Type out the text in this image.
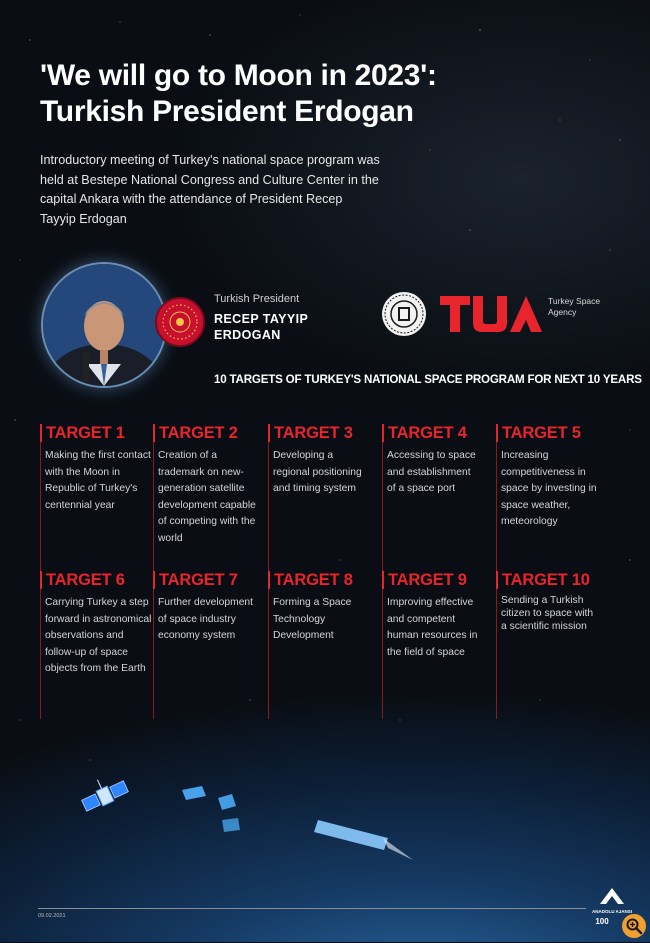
'We will go to Moon in 2023':
Turkish President Erdogan
Introductory meeting of Turkey's national space program was held at Bestepe National Congress and Culture Center in the capital Ankara with the attendance of President Recep Tayyip Erdogan
Turkish President
RECEP TAYYIP
ERDOGAN
Turkey Space
Agency
10 TARGETS OF TURKEY'S NATIONAL SPACE PROGRAM FOR NEXT 10 YEARS
TARGET 1
Making the first contact with the Moon in Republic of Turkey's centennial year
TARGET 2
Creation of a trademark on new-generation satellite development capable of competing with the world
TARGET 3
Developing a regional positioning and timing system
TARGET 4
Accessing to space and establishment of a space port
TARGET 5
Increasing competitiveness in space by investing in space weather, meteorology
TARGET 6
Carrying Turkey a step forward in astronomical observations and follow-up of space objects from the Earth
TARGET 7
Further development of space industry economy system
TARGET 8
Forming a Space Technology Development
TARGET 9
Improving effective and competent human resources in the field of space
TARGET 10
Sending a Turkish citizen to space with a scientific mission
09.02.2021
ANADOLU AJANSI
100
